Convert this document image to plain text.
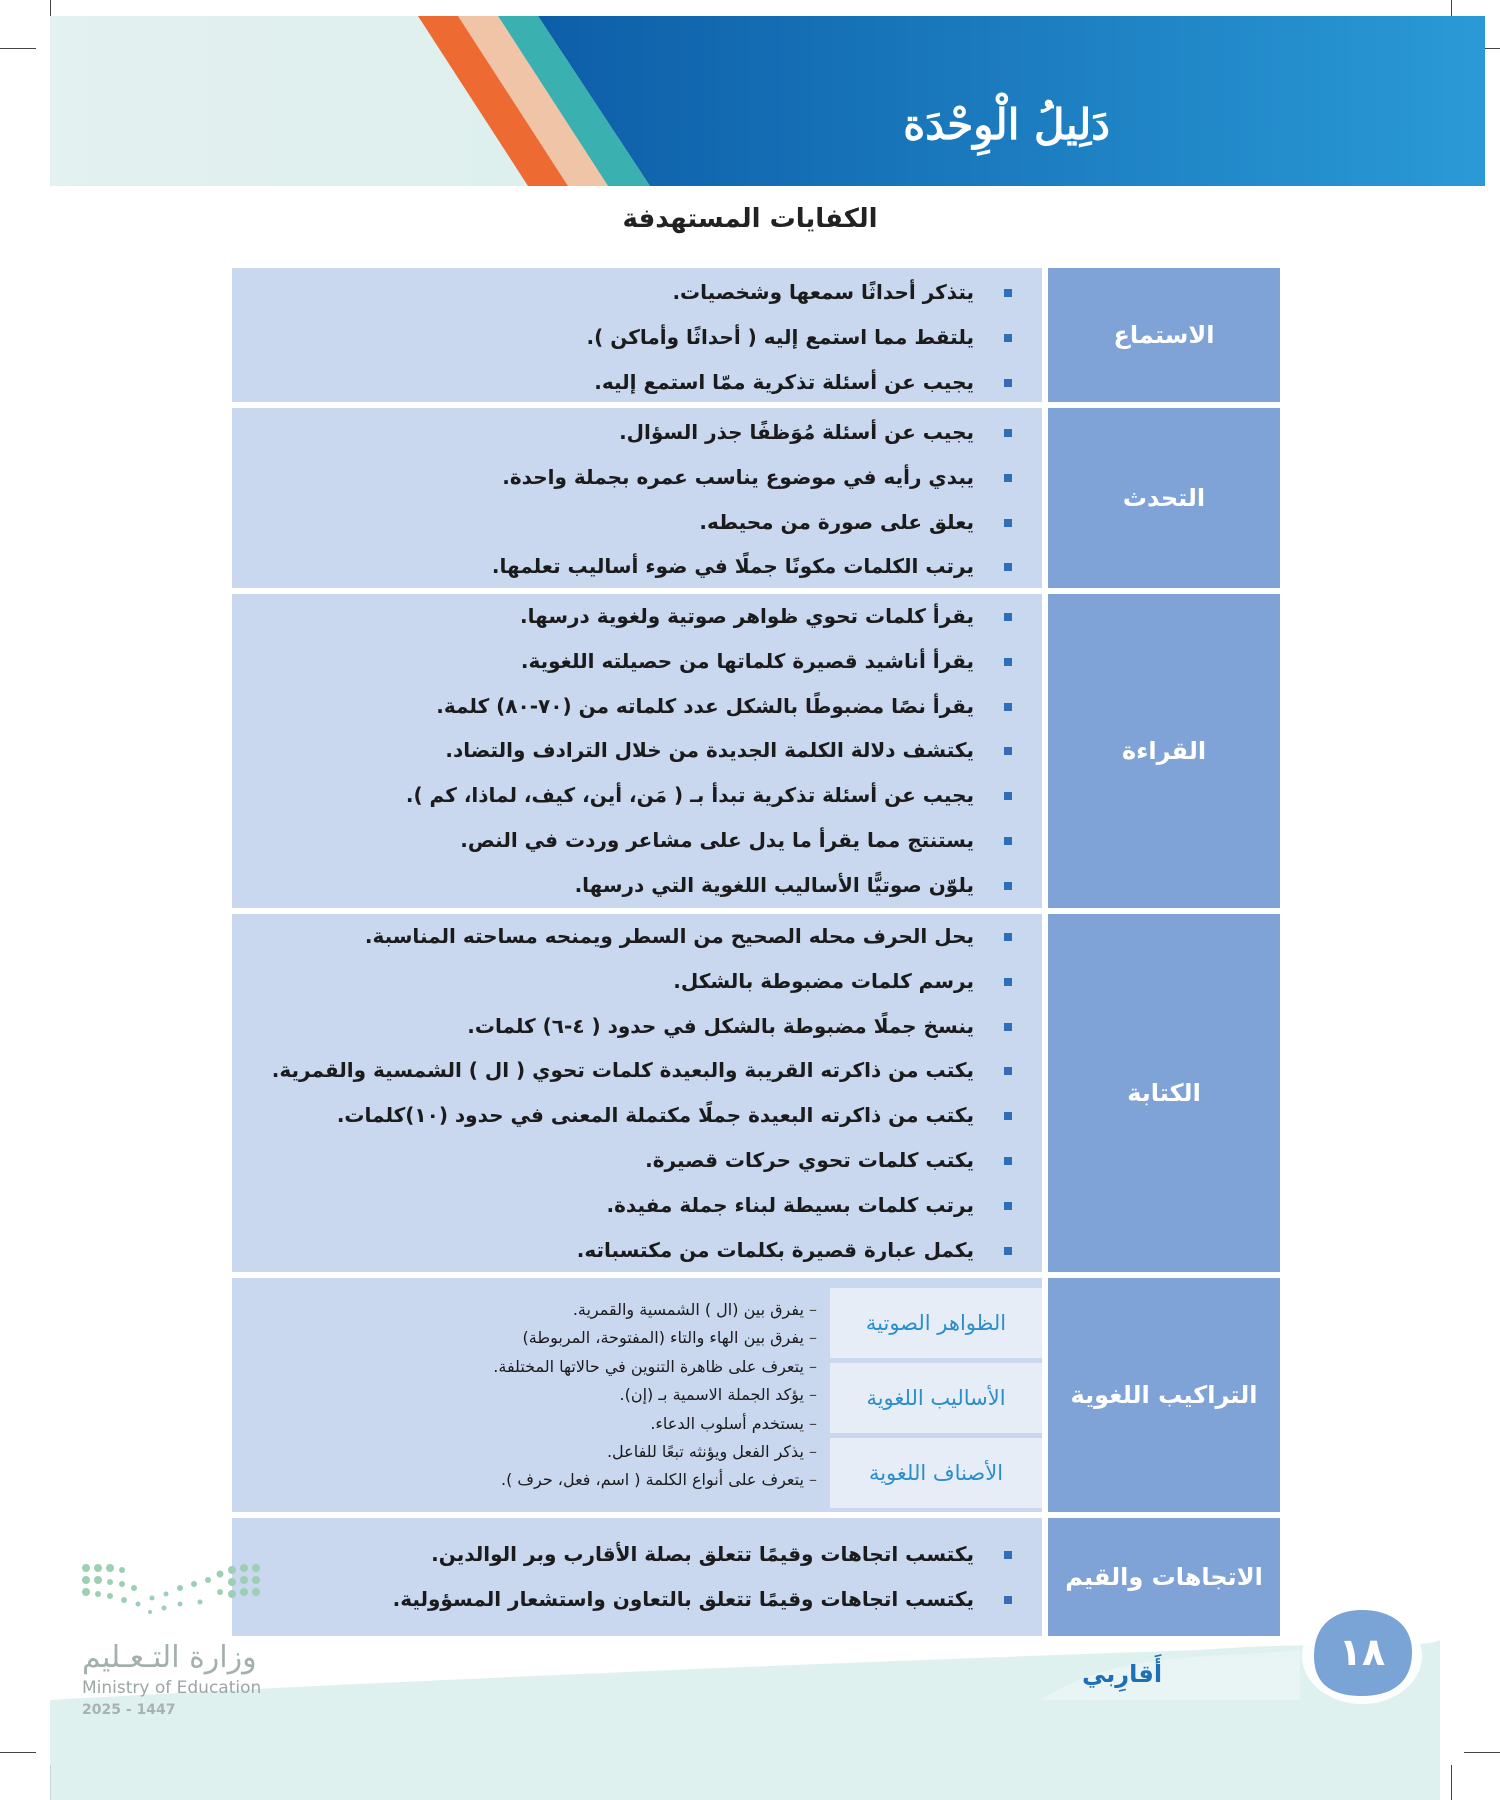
دَلِيلُ الْوِحْدَة
الكفايات المستهدفة
الاستماع
يتذكر أحداثًا سمعها وشخصيات.
يلتقط مما استمع إليه ( أحداثًا وأماكن ).
يجيب عن أسئلة تذكرية ممّا استمع إليه.
التحدث
يجيب عن أسئلة مُوَظفًا جذر السؤال.
يبدي رأيه في موضوع يناسب عمره بجملة واحدة.
يعلق على صورة من محيطه.
يرتب الكلمات مكونًا جملًا في ضوء أساليب تعلمها.
القراءة
يقرأ كلمات تحوي ظواهر صوتية ولغوية درسها.
يقرأ أناشيد قصيرة كلماتها من حصيلته اللغوية.
يقرأ نصًا مضبوطًا بالشكل عدد كلماته من (٧٠-٨٠) كلمة.
يكتشف دلالة الكلمة الجديدة من خلال الترادف والتضاد.
يجيب عن أسئلة تذكرية تبدأ بـ ( مَن، أين، كيف، لماذا، كم ).
يستنتج مما يقرأ ما يدل على مشاعر وردت في النص.
يلوّن صوتيًّا الأساليب اللغوية التي درسها.
الكتابة
يحل الحرف محله الصحيح من السطر ويمنحه مساحته المناسبة.
يرسم كلمات مضبوطة بالشكل.
ينسخ جملًا مضبوطة بالشكل في حدود ( ٤-٦) كلمات.
يكتب من ذاكرته القريبة والبعيدة كلمات تحوي ( ال ) الشمسية والقمرية.
يكتب من ذاكرته البعيدة جملًا مكتملة المعنى في حدود (١٠)كلمات.
يكتب كلمات تحوي حركات قصيرة.
يرتب كلمات بسيطة لبناء جملة مفيدة.
يكمل عبارة قصيرة بكلمات من مكتسباته.
التراكيب اللغوية
الظواهر الصوتية
الأساليب اللغوية
الأصناف اللغوية
– يفرق بين (ال ) الشمسية والقمرية.
– يفرق بين الهاء والتاء (المفتوحة، المربوطة)
– يتعرف على ظاهرة التنوين في حالاتها المختلفة.
– يؤكد الجملة الاسمية بـ (إن).
– يستخدم أسلوب الدعاء.
– يذكر الفعل ويؤنثه تبعًا للفاعل.
– يتعرف على أنواع الكلمة ( اسم، فعل، حرف ).
الاتجاهات والقيم
يكتسب اتجاهات وقيمًا تتعلق بصلة الأقارب وبر الوالدين.
يكتسب اتجاهات وقيمًا تتعلق بالتعاون واستشعار المسؤولية.
وزارة التـعـليم
Ministry of Education
2025 - 1447
أَقارِبي	١٨
